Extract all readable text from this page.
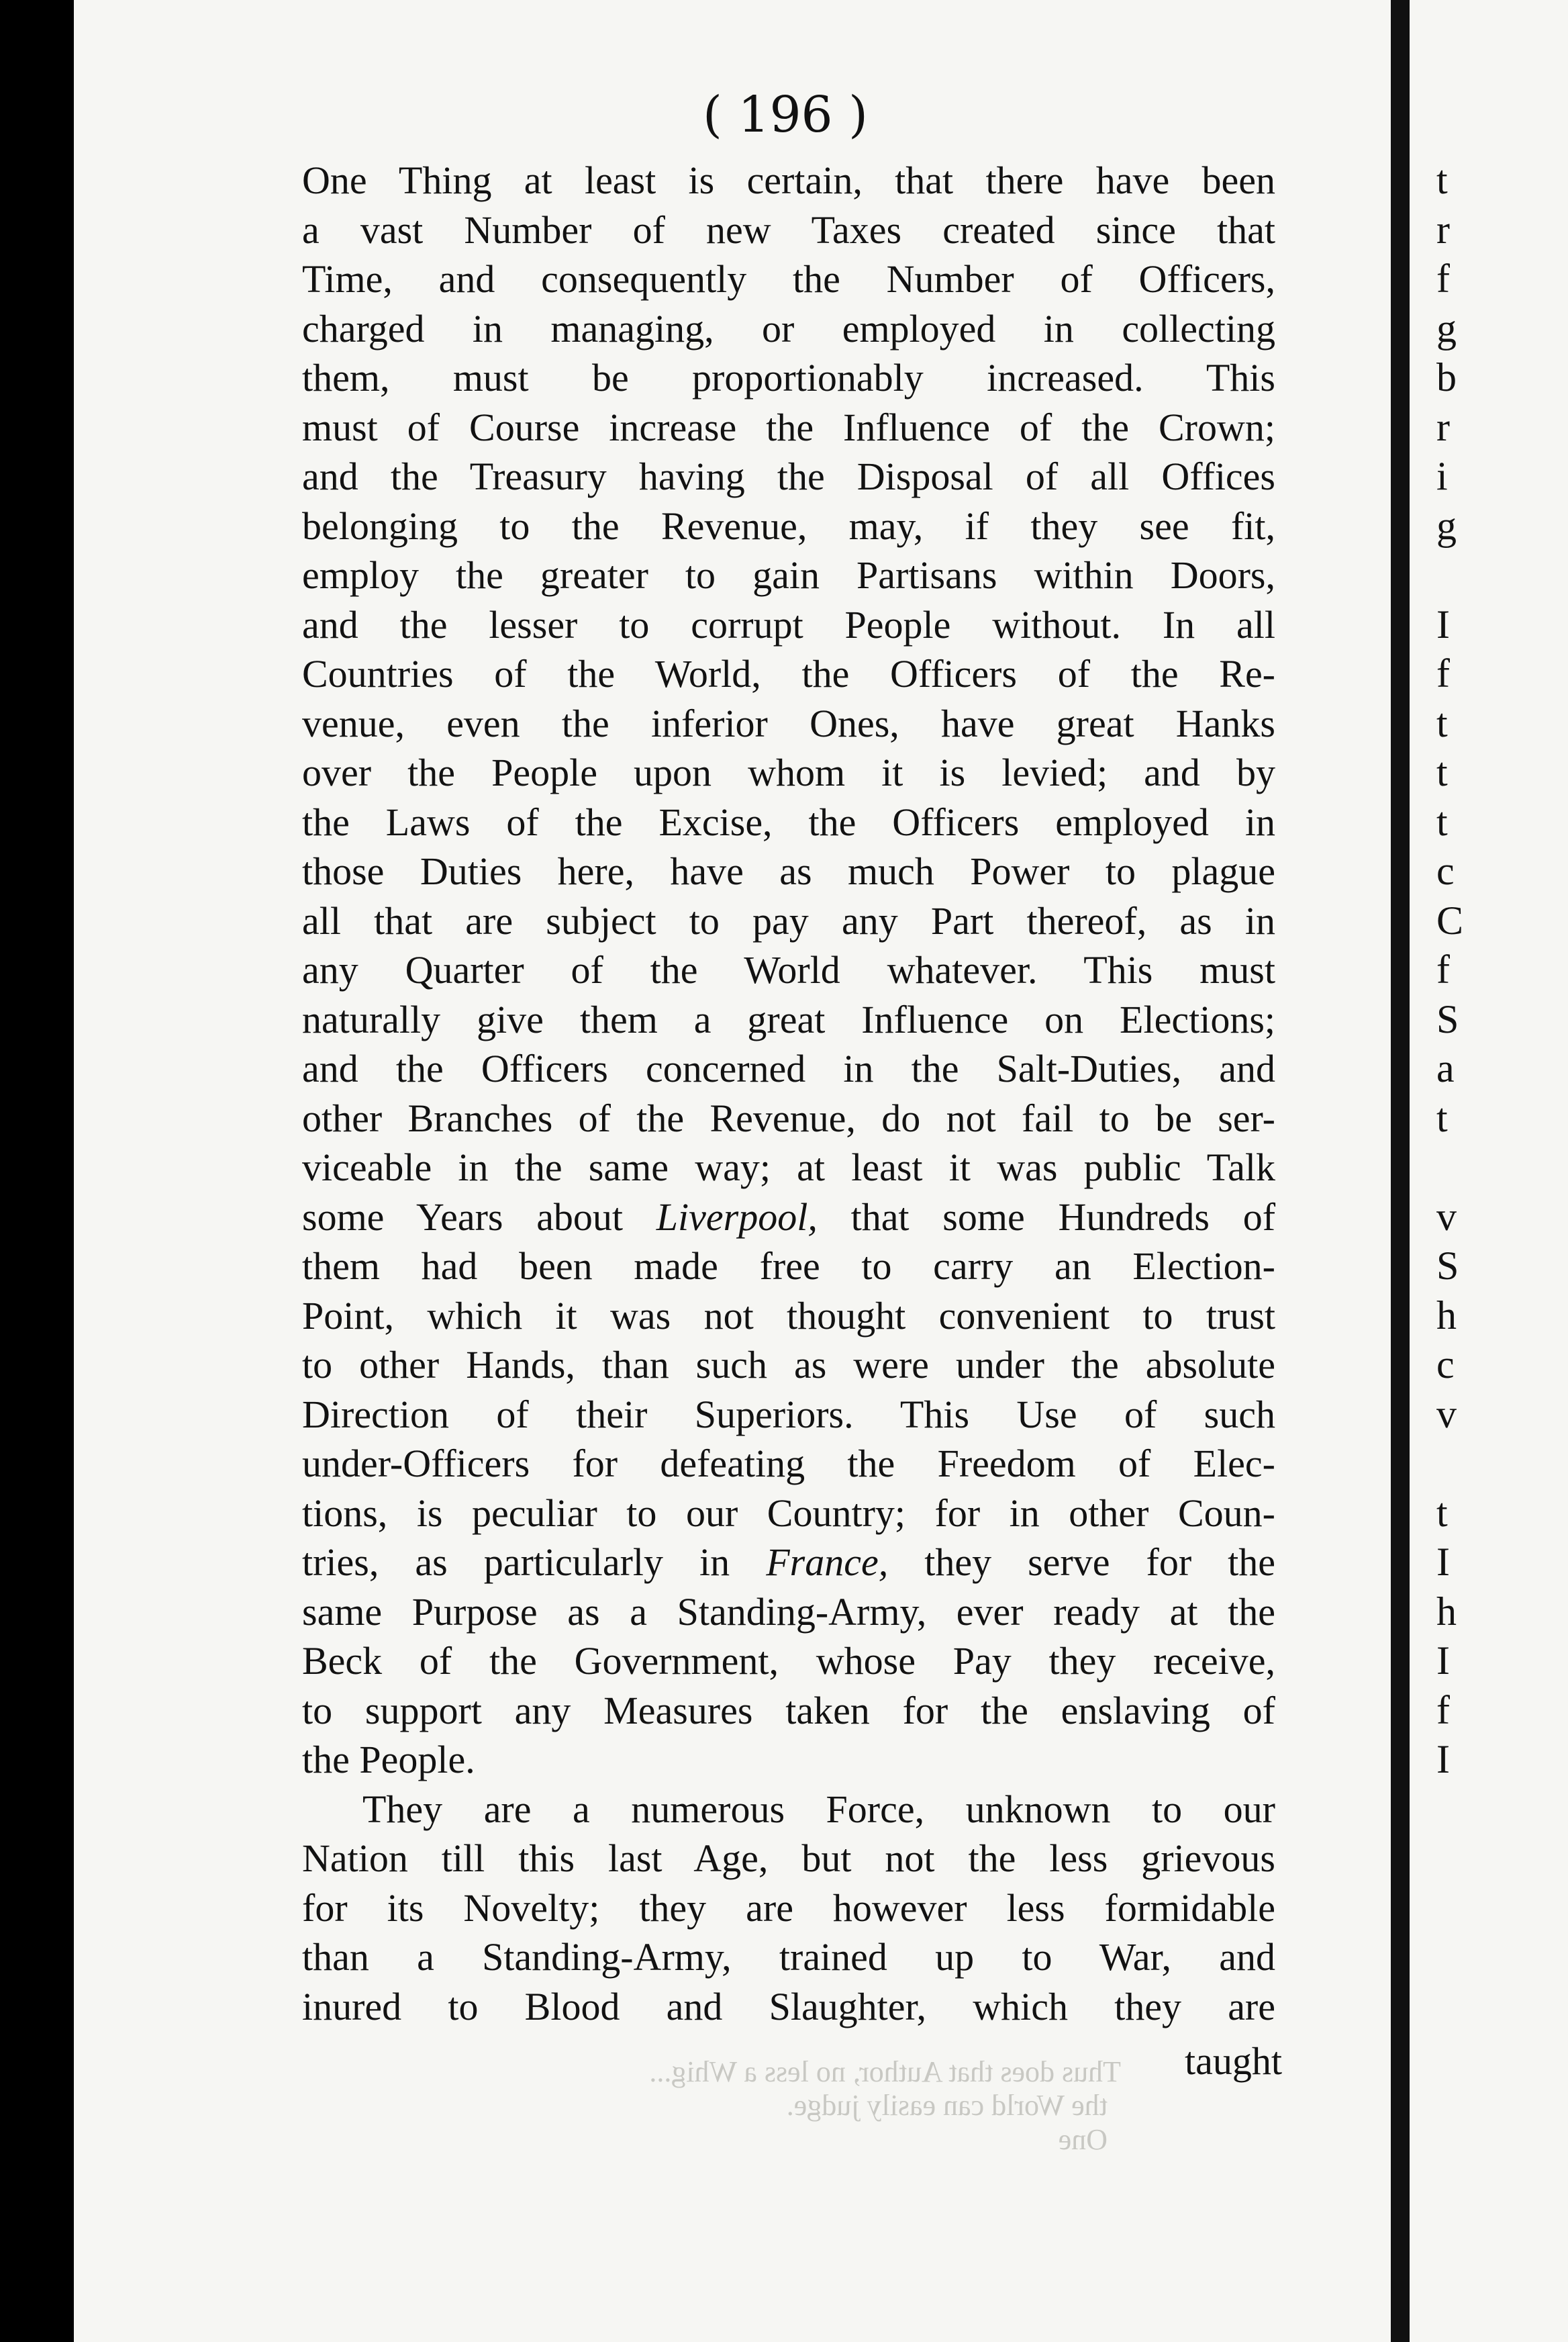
t
r
f
g
b
r
i
g
I
f
t
t
t
c
C
f
S
a
t
v
S
h
c
v
t
I
h
I
f
I
( 196 )
One Thing at least is certain, that there have been
a vast Number of new Taxes created since that
Time, and consequently the Number of Officers,
charged in managing, or employed in collecting
them, must be proportionably increased. This
must of Course increase the Influence of the Crown;
and the Treasury having the Disposal of all Offices
belonging to the Revenue, may, if they see fit,
employ the greater to gain Partisans within Doors,
and the lesser to corrupt People without. In all
Countries of the World, the Officers of the Re-
venue, even the inferior Ones, have great Hanks
over the People upon whom it is levied; and by
the Laws of the Excise, the Officers employed in
those Duties here, have as much Power to plague
all that are subject to pay any Part thereof, as in
any Quarter of the World whatever. This must
naturally give them a great Influence on Elections;
and the Officers concerned in the Salt-Duties, and
other Branches of the Revenue, do not fail to be ser-
viceable in the same way; at least it was public Talk
some Years about Liverpool, that some Hundreds of
them had been made free to carry an Election-
Point, which it was not thought convenient to trust
to other Hands, than such as were under the absolute
Direction of their Superiors. This Use of such
under-Officers for defeating the Freedom of Elec-
tions, is peculiar to our Country; for in other Coun-
tries, as particularly in France, they serve for the
same Purpose as a Standing-Army, ever ready at the
Beck of the Government, whose Pay they receive,
to support any Measures taken for the enslaving of
the People.
They are a numerous Force, unknown to our
Nation till this last Age, but not the less grievous
for its Novelty; they are however less formidable
than a Standing-Army, trained up to War, and
inured to Blood and Slaughter, which they are
Thus does that Author, no less a Whig...
the World can easily judge. One
taught
